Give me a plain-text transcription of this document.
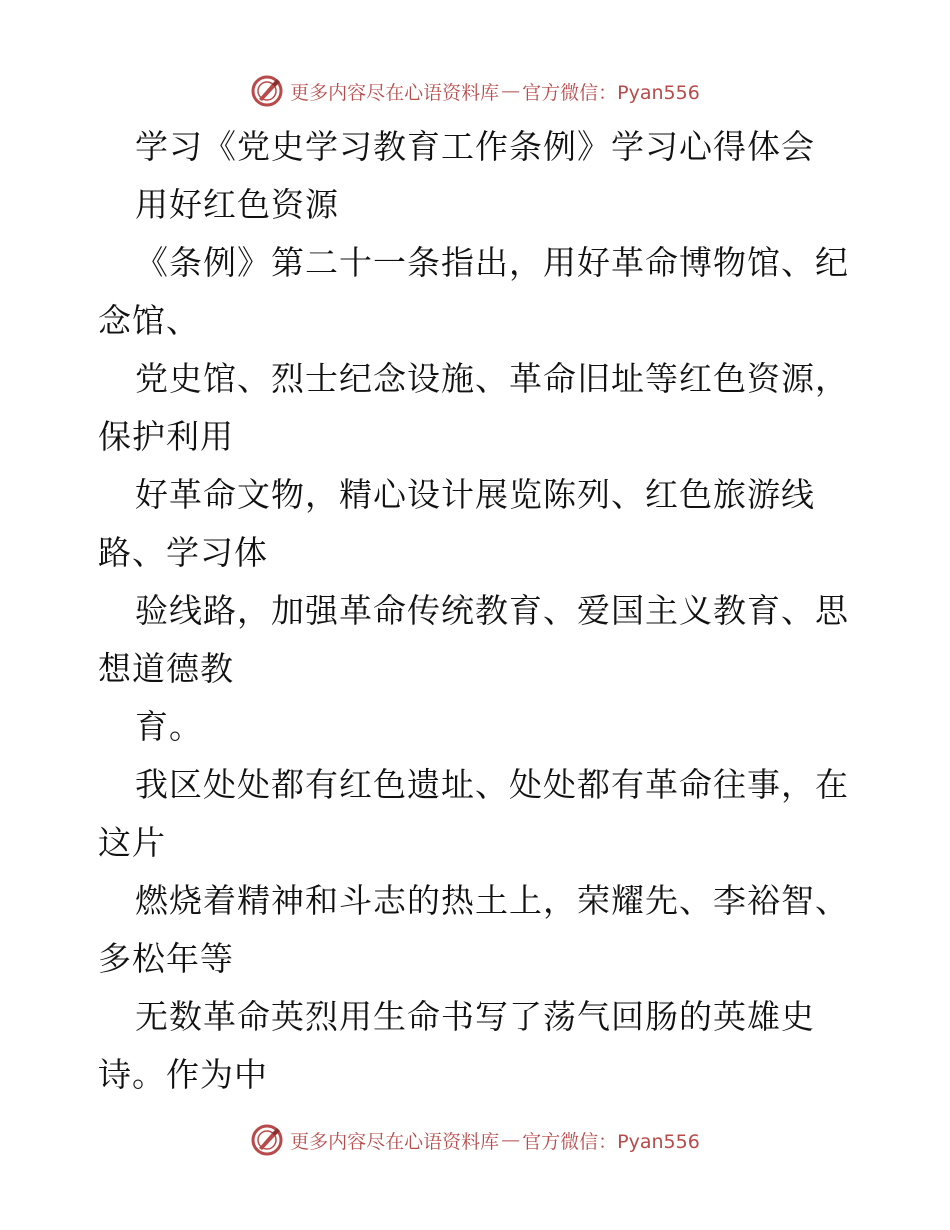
更多内容尽在心语资料库 — 官方微信：Pyan556
学习《党史学习教育工作条例》学习心得体会
用好红色资源
《条例》第二十一条指出，用好革命博物馆、纪
念馆、
党史馆、烈士纪念设施、革命旧址等红色资源，
保护利用
好革命文物，精心设计展览陈列、红色旅游线
路、学习体
验线路，加强革命传统教育、爱国主义教育、思
想道德教
育。
我区处处都有红色遗址、处处都有革命往事，在
这片
燃烧着精神和斗志的热土上，荣耀先、李裕智、
多松年等
无数革命英烈用生命书写了荡气回肠的英雄史
诗。作为中
更多内容尽在心语资料库 — 官方微信：Pyan556
